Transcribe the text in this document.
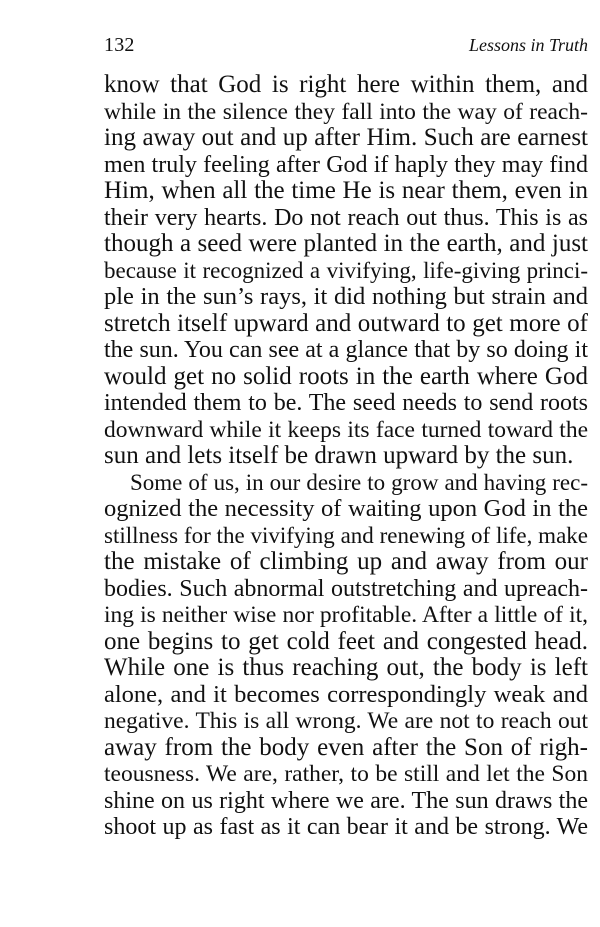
132	Lessons in Truth
know that God is right here within them, and
while in the silence they fall into the way of reach-
ing away out and up after Him. Such are earnest
men truly feeling after God if haply they may find
Him, when all the time He is near them, even in
their very hearts. Do not reach out thus. This is as
though a seed were planted in the earth, and just
because it recognized a vivifying, life-giving princi-
ple in the sun’s rays, it did nothing but strain and
stretch itself upward and outward to get more of
the sun. You can see at a glance that by so doing it
would get no solid roots in the earth where God
intended them to be. The seed needs to send roots
downward while it keeps its face turned toward the
sun and lets itself be drawn upward by the sun.
Some of us, in our desire to grow and having rec-
ognized the necessity of waiting upon God in the
stillness for the vivifying and renewing of life, make
the mistake of climbing up and away from our
bodies. Such abnormal outstretching and upreach-
ing is neither wise nor profitable. After a little of it,
one begins to get cold feet and congested head.
While one is thus reaching out, the body is left
alone, and it becomes correspondingly weak and
negative. This is all wrong. We are not to reach out
away from the body even after the Son of righ-
teousness. We are, rather, to be still and let the Son
shine on us right where we are. The sun draws the
shoot up as fast as it can bear it and be strong. We
